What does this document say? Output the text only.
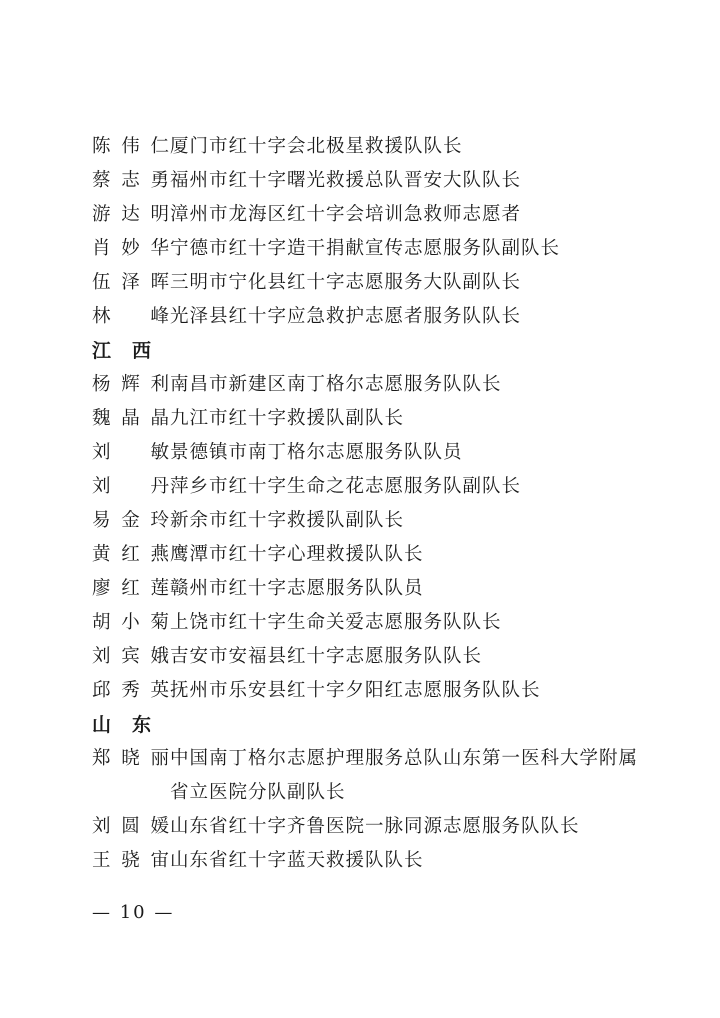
陈伟仁 厦门市红十字会北极星救援队队长
蔡志勇 福州市红十字曙光救援总队晋安大队队长
游达明 漳州市龙海区红十字会培训急救师志愿者
肖妙华 宁德市红十字造干捐献宣传志愿服务队副队长
伍泽晖 三明市宁化县红十字志愿服务大队副队长
林　峰 光泽县红十字应急救护志愿者服务队队长
江西
杨辉利 南昌市新建区南丁格尔志愿服务队队长
魏晶晶 九江市红十字救援队副队长
刘　敏 景德镇市南丁格尔志愿服务队队员
刘　丹 萍乡市红十字生命之花志愿服务队副队长
易金玲 新余市红十字救援队副队长
黄红燕 鹰潭市红十字心理救援队队长
廖红莲 赣州市红十字志愿服务队队员
胡小菊 上饶市红十字生命关爱志愿服务队队长
刘宾娥 吉安市安福县红十字志愿服务队队长
邱秀英 抚州市乐安县红十字夕阳红志愿服务队队长
山东
郑晓丽 中国南丁格尔志愿护理服务总队山东第一医科大学附属省立医院分队副队长
刘圆媛 山东省红十字齐鲁医院一脉同源志愿服务队队长
王骁宙 山东省红十字蓝天救援队队长
— 10 —
